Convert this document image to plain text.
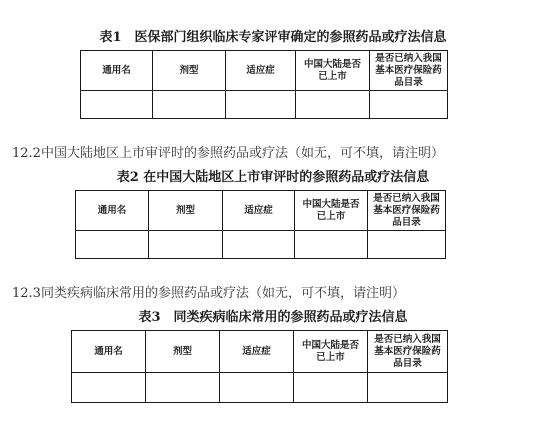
表1　医保部门组织临床专家评审确定的参照药品或疗法信息
通用名	剂型	适应症	中国大陆是否已上市	是否已纳入我国基本医疗保险药品目录

12.2中国大陆地区上市审评时的参照药品或疗法（如无，可不填，请注明）
表2 在中国大陆地区上市审评时的参照药品或疗法信息
通用名	剂型	适应症	中国大陆是否已上市	是否已纳入我国基本医疗保险药品目录

12.3同类疾病临床常用的参照药品或疗法（如无，可不填，请注明）
表3　同类疾病临床常用的参照药品或疗法信息
通用名	剂型	适应症	中国大陆是否已上市	是否已纳入我国基本医疗保险药品目录
